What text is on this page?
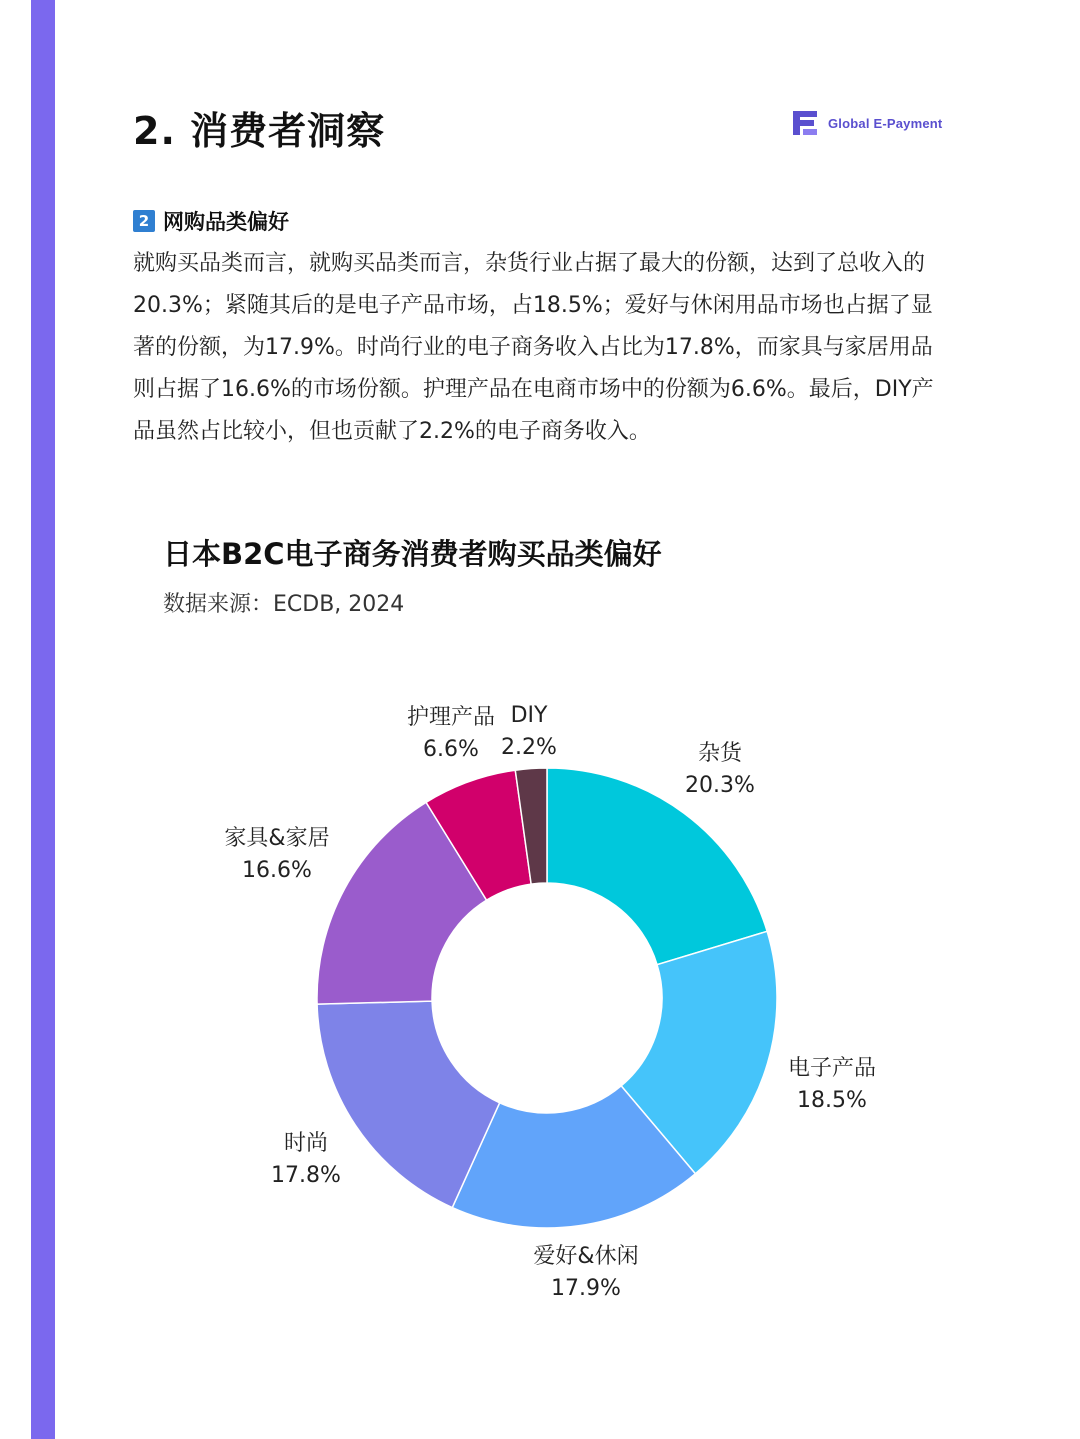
2. 消费者洞察	Global E-Payment
2 网购品类偏好

就购买品类而言，就购买品类而言，杂货行业占据了最大的份额，达到了总收入的20.3%；紧随其后的是电子产品市场，占18.5%；爱好与休闲用品市场也占据了显著的份额，为17.9%。时尚行业的电子商务收入占比为17.8%，而家具与家居用品则占据了16.6%的市场份额。护理产品在电商市场中的份额为6.6%。最后，DIY产品虽然占比较小，但也贡献了2.2%的电子商务收入。

日本B2C电子商务消费者购买品类偏好
数据来源：ECDB, 2024
杂货
20.3%
电子产品
18.5%
爱好&休闲
17.9%
时尚
17.8%
家具&家居
16.6%
护理产品
6.6%
DIY
2.2%
